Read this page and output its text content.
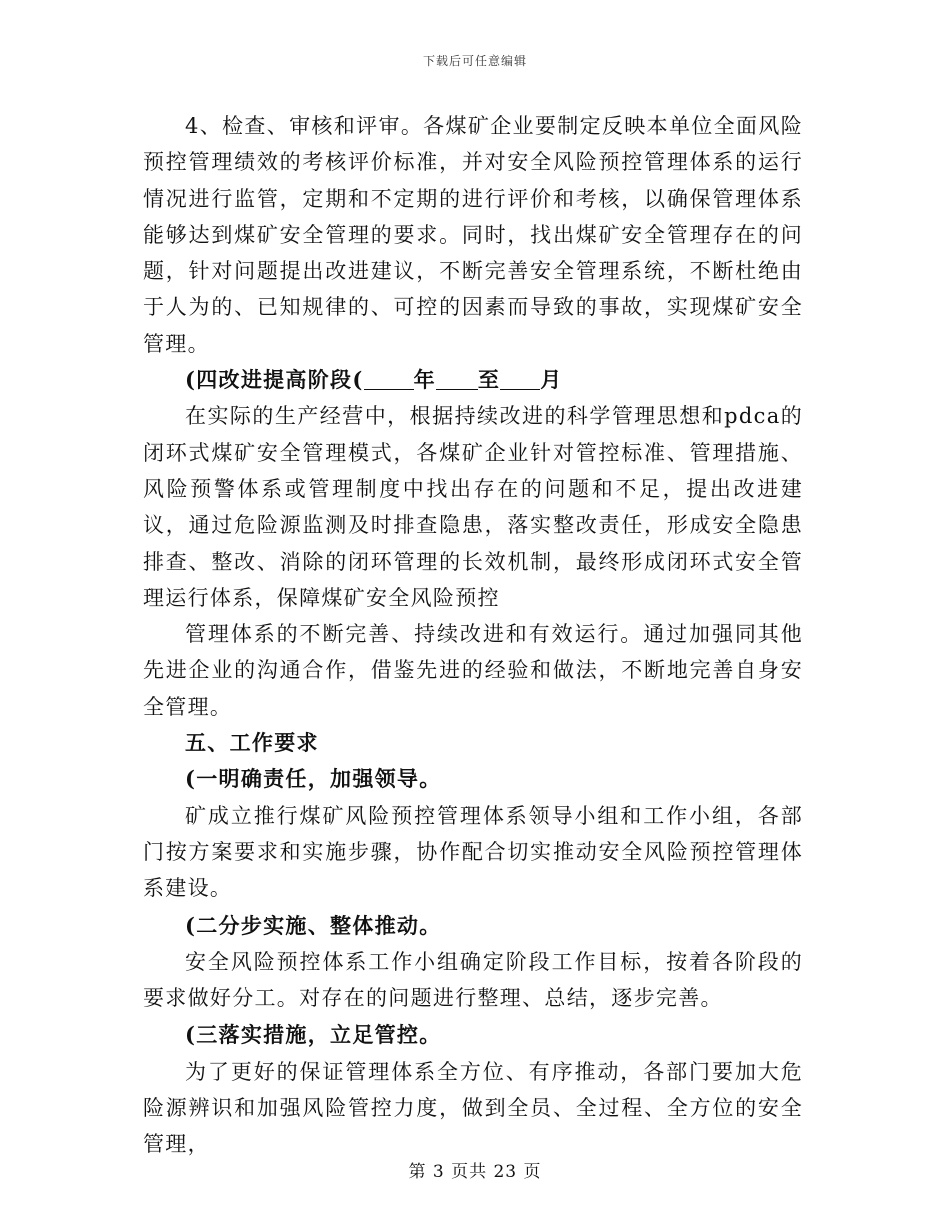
下载后可任意编辑

4、检查、审核和评审。各煤矿企业要制定反映本单位全面风险预控管理绩效的考核评价标准，并对安全风险预控管理体系的运行情况进行监管，定期和不定期的进行评价和考核，以确保管理体系能够达到煤矿安全管理的要求。同时，找出煤矿安全管理存在的问题，针对问题提出改进建议，不断完善安全管理系统，不断杜绝由于人为的、已知规律的、可控的因素而导致的事故，实现煤矿安全管理。

(四改进提高阶段( 年 至 月

在实际的生产经营中，根据持续改进的科学管理思想和pdca的闭环式煤矿安全管理模式，各煤矿企业针对管控标准、管理措施、风险预警体系或管理制度中找出存在的问题和不足，提出改进建议，通过危险源监测及时排查隐患，落实整改责任，形成安全隐患排查、整改、消除的闭环管理的长效机制，最终形成闭环式安全管理运行体系，保障煤矿安全风险预控

管理体系的不断完善、持续改进和有效运行。通过加强同其他先进企业的沟通合作，借鉴先进的经验和做法，不断地完善自身安全管理。

五、工作要求

(一明确责任，加强领导。

矿成立推行煤矿风险预控管理体系领导小组和工作小组，各部门按方案要求和实施步骤，协作配合切实推动安全风险预控管理体系建设。

(二分步实施、整体推动。

安全风险预控体系工作小组确定阶段工作目标，按着各阶段的要求做好分工。对存在的问题进行整理、总结，逐步完善。

(三落实措施，立足管控。

为了更好的保证管理体系全方位、有序推动，各部门要加大危险源辨识和加强风险管控力度，做到全员、全过程、全方位的安全管理，

第 3 页共 23 页
